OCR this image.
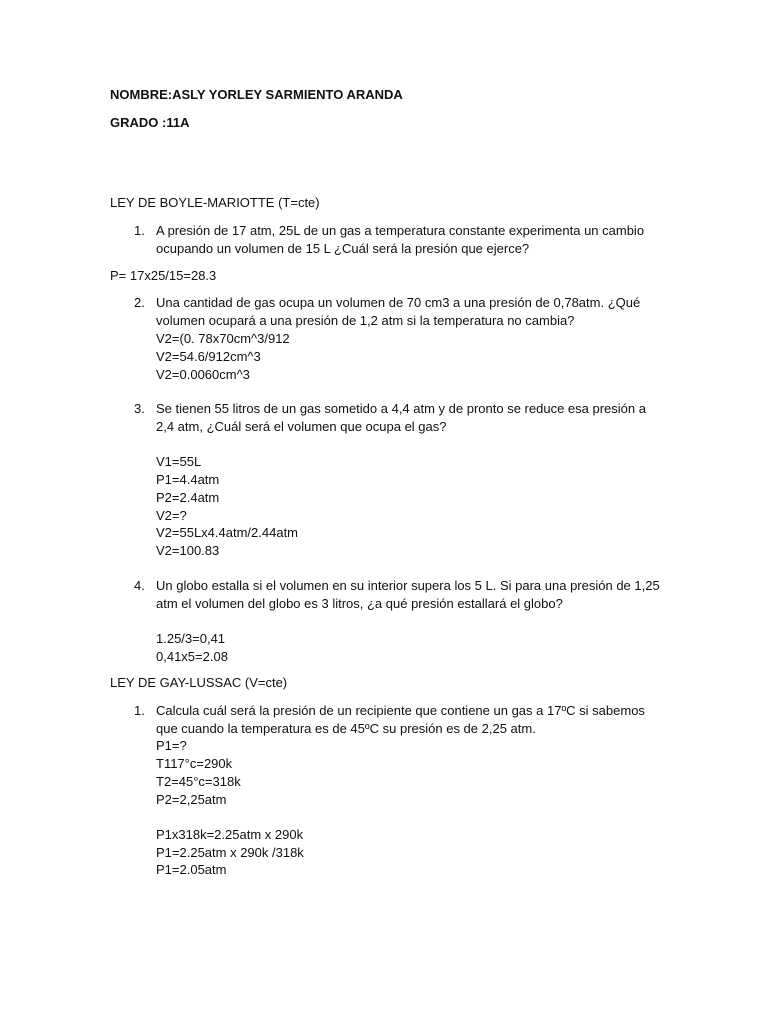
NOMBRE:ASLY YORLEY SARMIENTO ARANDA
GRADO :11A
LEY DE BOYLE-MARIOTTE (T=cte)
1. A presión de 17 atm, 25L de un gas a temperatura constante experimenta un cambio
ocupando un volumen de 15 L ¿Cuál será la presión que ejerce?
P= 17x25/15=28.3
2. Una cantidad de gas ocupa un volumen de 70 cm3 a una presión de 0,78atm. ¿Qué
volumen ocupará a una presión de 1,2 atm si la temperatura no cambia?
V2=(0. 78x70cm^3/912
V2=54.6/912cm^3
V2=0.0060cm^3
3. Se tienen 55 litros de un gas sometido a 4,4 atm y de pronto se reduce esa presión a
2,4 atm, ¿Cuál será el volumen que ocupa el gas?
V1=55L
P1=4.4atm
P2=2.4atm
V2=?
V2=55Lx4.4atm/2.44atm
V2=100.83
4. Un globo estalla si el volumen en su interior supera los 5 L. Si para una presión de 1,25
atm el volumen del globo es 3 litros, ¿a qué presión estallará el globo?
1.25/3=0,41
0,41x5=2.08
LEY DE GAY-LUSSAC (V=cte)
1. Calcula cuál será la presión de un recipiente que contiene un gas a 17ºC si sabemos
que cuando la temperatura es de 45ºC su presión es de 2,25 atm.
P1=?
T117°c=290k
T2=45°c=318k
P2=2,25atm
P1x318k=2.25atm x 290k
P1=2.25atm x 290k /318k
P1=2.05atm
